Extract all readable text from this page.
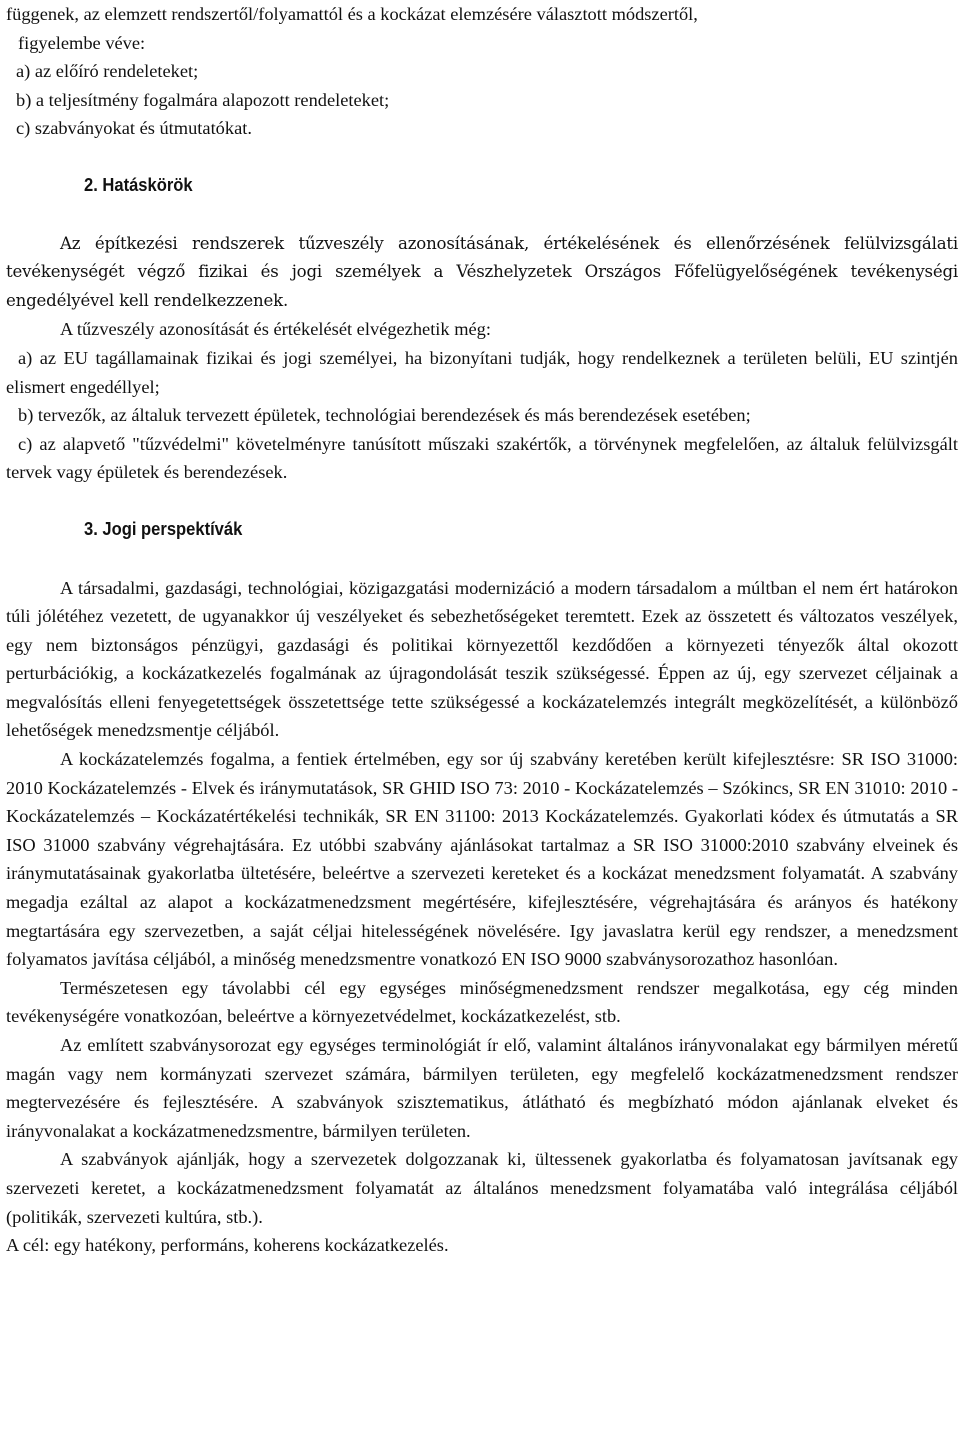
függenek, az elemzett rendszertől/folyamattól és a kockázat elemzésére választott módszertől,

figyelembe véve:

a) az előíró rendeleteket;

b) a teljesítmény fogalmára alapozott rendeleteket;

c) szabványokat és útmutatókat.

2. Hatáskörök

Az építkezési rendszerek tűzveszély azonosításának, értékelésének és ellenőrzésének felülvizsgálati tevékenységét végző fizikai és jogi személyek a Vészhelyzetek Országos Főfelügyelőségének tevékenységi engedélyével kell rendelkezzenek.

A tűzveszély azonosítását és értékelését elvégezhetik még:

a) az EU tagállamainak fizikai és jogi személyei, ha bizonyítani tudják, hogy rendelkeznek a területen belüli, EU szintjén elismert engedéllyel;

b) tervezők, az általuk tervezett épületek, technológiai berendezések és más berendezések esetében;

c) az alapvető "tűzvédelmi" követelményre tanúsított műszaki szakértők, a törvénynek megfelelően, az általuk felülvizsgált tervek vagy épületek és berendezések.

3. Jogi perspektívák

A társadalmi, gazdasági, technológiai, közigazgatási modernizáció a modern társadalom a múltban el nem ért határokon túli jólétéhez vezetett, de ugyanakkor új veszélyeket és sebezhetőségeket teremtett. Ezek az összetett és változatos veszélyek, egy nem biztonságos pénzügyi, gazdasági és politikai környezettől kezdődően a környezeti tényezők által okozott perturbációkig, a kockázatkezelés fogalmának az újragondolását teszik szükségessé. Éppen az új, egy szervezet céljainak a megvalósítás elleni fenyegetettségek összetettsége tette szükségessé a kockázatelemzés integrált megközelítését, a különböző lehetőségek menedzsmentje céljából.

A kockázatelemzés fogalma, a fentiek értelmében, egy sor új szabvány keretében került kifejlesztésre: SR ISO 31000: 2010 Kockázatelemzés - Elvek és iránymutatások, SR GHID ISO 73: 2010 - Kockázatelemzés – Szókincs, SR EN 31010: 2010 - Kockázatelemzés – Kockázatértékelési technikák, SR EN 31100: 2013 Kockázatelemzés. Gyakorlati kódex és útmutatás a SR ISO 31000 szabvány végrehajtására. Ez utóbbi szabvány ajánlásokat tartalmaz a SR ISO 31000:2010 szabvány elveinek és iránymutatásainak gyakorlatba ültetésére, beleértve a szervezeti kereteket és a kockázat menedzsment folyamatát. A szabvány megadja ezáltal az alapot a kockázatmenedzsment megértésére, kifejlesztésére, végrehajtására és arányos és hatékony megtartására egy szervezetben, a saját céljai hitelességének növelésére. Igy javaslatra kerül egy rendszer, a menedzsment folyamatos javítása céljából, a minőség menedzsmentre vonatkozó EN ISO 9000 szabványsorozathoz hasonlóan.

Természetesen egy távolabbi cél egy egységes minőségmenedzsment rendszer megalkotása, egy cég minden tevékenységére vonatkozóan, beleértve a környezetvédelmet, kockázatkezelést, stb.

Az említett szabványsorozat egy egységes terminológiát ír elő, valamint általános irányvonalakat egy bármilyen méretű magán vagy nem kormányzati szervezet számára, bármilyen területen, egy megfelelő kockázatmenedzsment rendszer megtervezésére és fejlesztésére. A szabványok szisztematikus, átlátható és megbízható módon ajánlanak elveket és irányvonalakat a kockázatmenedzsmentre, bármilyen területen.

A szabványok ajánlják, hogy a szervezetek dolgozzanak ki, ültessenek gyakorlatba és folyamatosan javítsanak egy szervezeti keretet, a kockázatmenedzsment folyamatát az általános menedzsment folyamatába való integrálása céljából (politikák, szervezeti kultúra, stb.).

A cél: egy hatékony, performáns, koherens kockázatkezelés.
